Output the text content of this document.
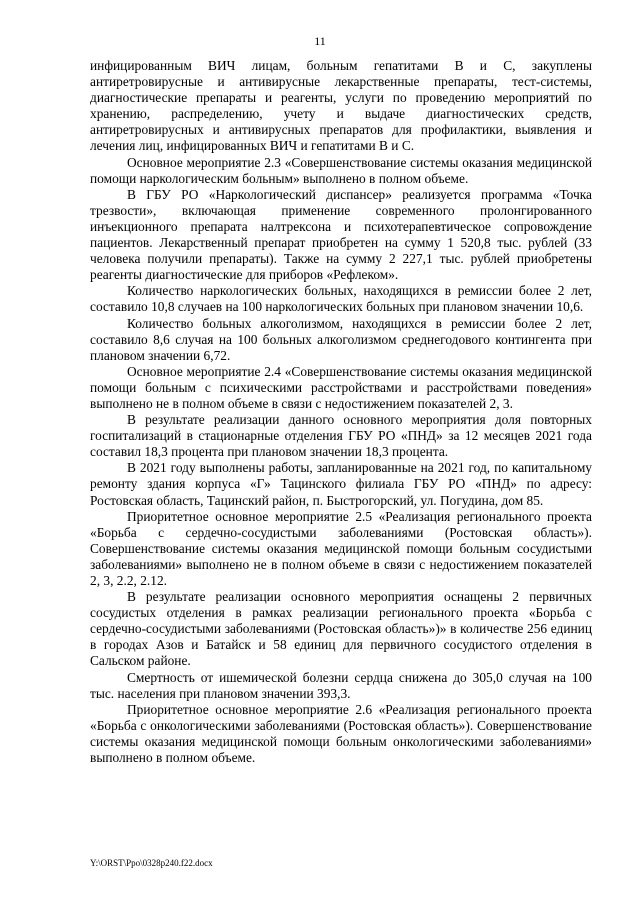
11

инфицированным ВИЧ лицам, больным гепатитами В и С, закуплены антиретровирусные и антивирусные лекарственные препараты, тест-системы, диагностические препараты и реагенты, услуги по проведению мероприятий по хранению, распределению, учету и выдаче диагностических средств, антиретровирусных и антивирусных препаратов для профилактики, выявления и лечения лиц, инфицированных ВИЧ и гепатитами В и С.

Основное мероприятие 2.3 «Совершенствование системы оказания медицинской помощи наркологическим больным» выполнено в полном объеме.

В ГБУ РО «Наркологический диспансер» реализуется программа «Точка трезвости», включающая применение современного пролонгированного инъекционного препарата налтрексона и психотерапевтическое сопровождение пациентов. Лекарственный препарат приобретен на сумму 1 520,8 тыс. рублей (33 человека получили препараты). Также на сумму 2 227,1 тыс. рублей приобретены реагенты диагностические для приборов «Рефлеком».

Количество наркологических больных, находящихся в ремиссии более 2 лет, составило 10,8 случаев на 100 наркологических больных при плановом значении 10,6.

Количество больных алкоголизмом, находящихся в ремиссии более 2 лет, составило 8,6 случая на 100 больных алкоголизмом среднегодового контингента при плановом значении 6,72.

Основное мероприятие 2.4 «Совершенствование системы оказания медицинской помощи больным с психическими расстройствами и расстройствами поведения» выполнено не в полном объеме в связи с недостижением показателей 2, 3.

В результате реализации данного основного мероприятия доля повторных госпитализаций в стационарные отделения ГБУ РО «ПНД» за 12 месяцев 2021 года составил 18,3 процента при плановом значении 18,3 процента.

В 2021 году выполнены работы, запланированные на 2021 год, по капитальному ремонту здания корпуса «Г» Тацинского филиала ГБУ РО «ПНД» по адресу: Ростовская область, Тацинский район, п. Быстрогорский, ул. Погудина, дом 85.

Приоритетное основное мероприятие 2.5 «Реализация регионального проекта «Борьба с сердечно-сосудистыми заболеваниями (Ростовская область»). Совершенствование системы оказания медицинской помощи больным сосудистыми заболеваниями» выполнено не в полном объеме в связи с недостижением показателей 2, 3, 2.2, 2.12.

В результате реализации основного мероприятия оснащены 2 первичных сосудистых отделения в рамках реализации регионального проекта «Борьба с сердечно-сосудистыми заболеваниями (Ростовская область»)» в количестве 256 единиц в городах Азов и Батайск и 58 единиц для первичного сосудистого отделения в Сальском районе.

Смертность от ишемической болезни сердца снижена до 305,0 случая на 100 тыс. населения при плановом значении 393,3.

Приоритетное основное мероприятие 2.6 «Реализация регионального проекта «Борьба с онкологическими заболеваниями (Ростовская область»). Совершенствование системы оказания медицинской помощи больным онкологическими заболеваниями» выполнено в полном объеме.

Y:\ORST\Ppo\0328p240.f22.docx
